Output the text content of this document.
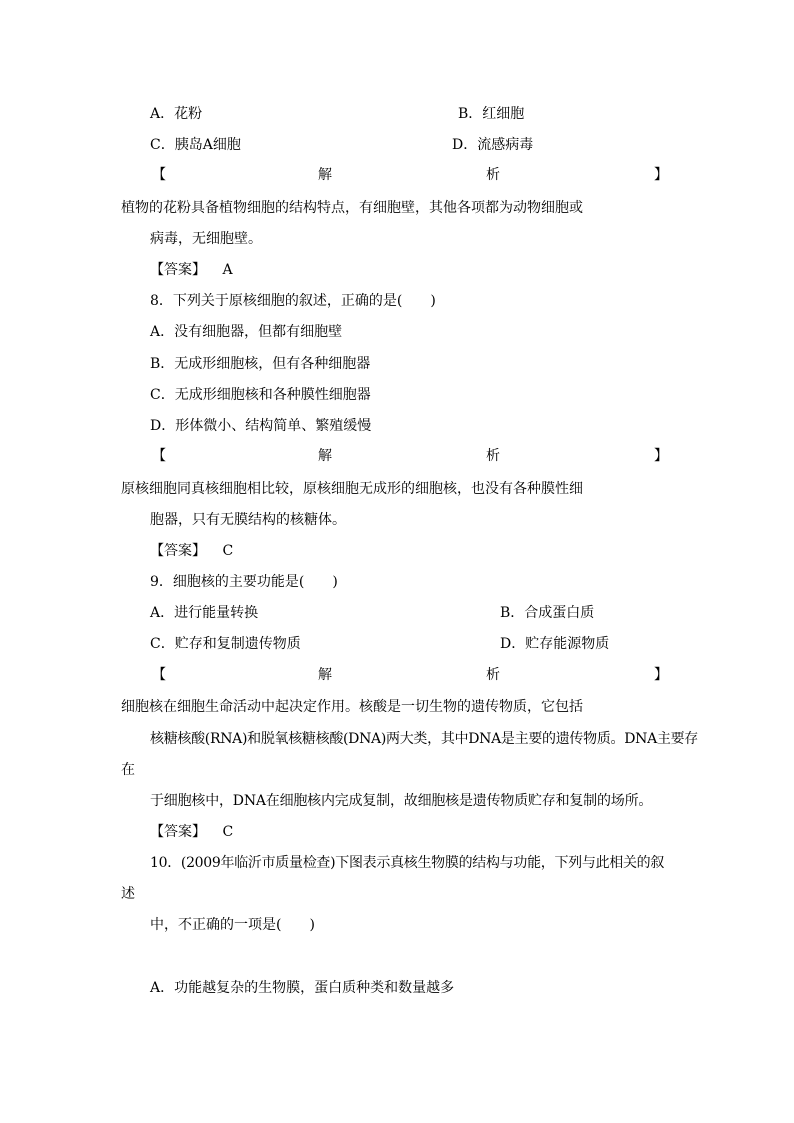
A．花粉	B．红细胞
C．胰岛A细胞	D．流感病毒
【	解	析	】
植物的花粉具备植物细胞的结构特点，有细胞壁，其他各项都为动物细胞或
病毒，无细胞壁。
【答案】 A
8．下列关于原核细胞的叙述，正确的是(　　)
A．没有细胞器，但都有细胞壁
B．无成形细胞核，但有各种细胞器
C．无成形细胞核和各种膜性细胞器
D．形体微小、结构简单、繁殖缓慢
【	解	析	】
原核细胞同真核细胞相比较，原核细胞无成形的细胞核，也没有各种膜性细
胞器，只有无膜结构的核糖体。
【答案】 C
9．细胞核的主要功能是(　　)
A．进行能量转换	B．合成蛋白质
C．贮存和复制遗传物质	D．贮存能源物质
【	解	析	】
细胞核在细胞生命活动中起决定作用。核酸是一切生物的遗传物质，它包括
核糖核酸(RNA)和脱氧核糖核酸(DNA)两大类，其中DNA是主要的遗传物质。DNA主要存
在
于细胞核中，DNA在细胞核内完成复制，故细胞核是遗传物质贮存和复制的场所。
【答案】 C
10．(2009年临沂市质量检查)下图表示真核生物膜的结构与功能，下列与此相关的叙
述
中，不正确的一项是(　　)
A．功能越复杂的生物膜，蛋白质种类和数量越多
